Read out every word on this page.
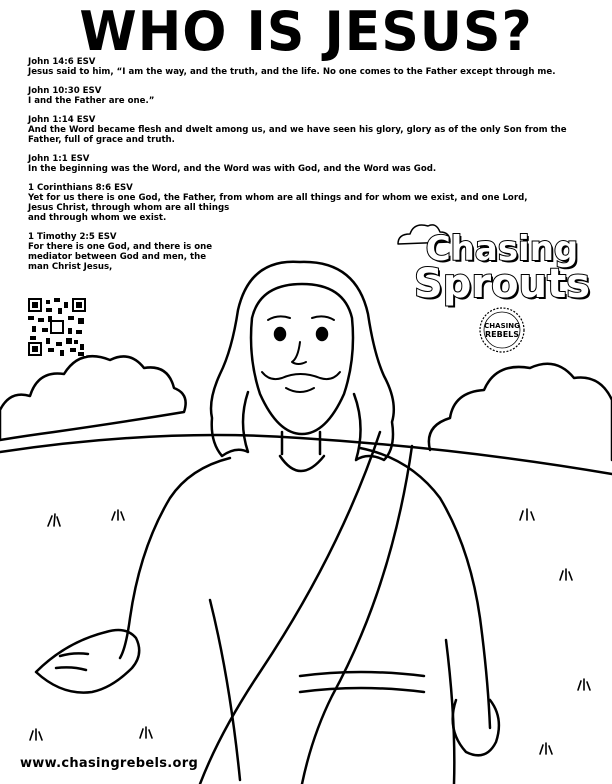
WHO IS JESUS?
John 14:6 ESV
Jesus said to him, “I am the way, and the truth, and the life. No one comes to the Father except through me.
John 10:30 ESV
I and the Father are one.”
John 1:14 ESV
And the Word became flesh and dwelt among us, and we have seen his glory, glory as of the only Son from the Father, full of grace and truth.
John 1:1 ESV
In the beginning was the Word, and the Word was with God, and the Word was God.
1 Corinthians 8:6 ESV
Yet for us there is one God, the Father, from whom are all things and for whom we exist, and one Lord,
Jesus Christ, through whom are all things
and through whom we exist.
1 Timothy 2:5 ESV
For there is one God, and there is one mediator between God and men, the man Christ Jesus,	Chasing
Sprouts
CHASING
REBELS
www.chasingrebels.org
